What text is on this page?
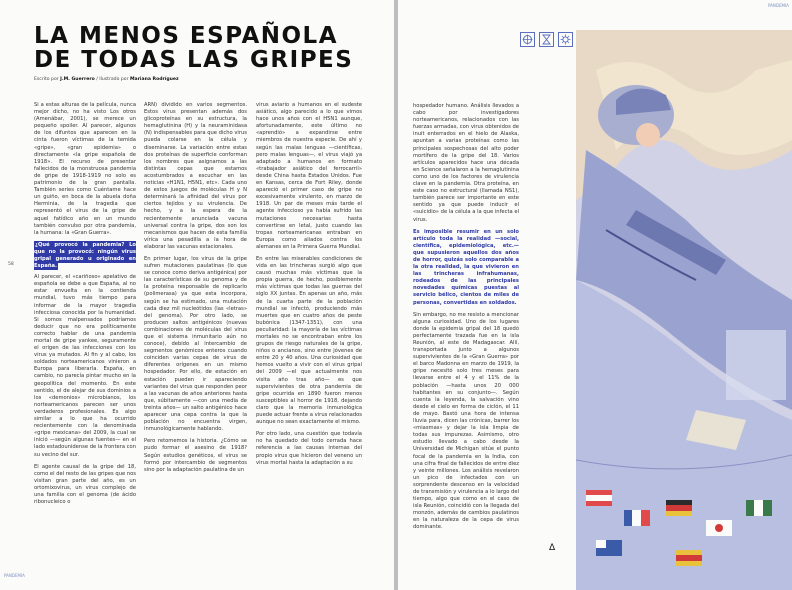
LA MENOS ESPAÑOLA DE TODAS LAS GRIPES
Escrito por J.M. Guerrero / Ilustrado por Mariana Rodríguez

Si a estas alturas de la película, nunca mejor dicho, no ha visto Los otros (Amenábar, 2001), se merece un pequeño spoiler. Al parecer, algunos de los difuntos que aparecen en la cinta fueron víctimas de la temida «gripe», «gran epidemia» o directamente «la gripe española de 1918». El recurso de presentar fallecidos de la monstruosa pandemia de gripe de 1918-1919 no solo es patrimonio de la gran pantalla. También series como Cuéntame hace un guiño, en boca de la abuela doña Herminia, de la tragedia que representó el virus de la gripe de aquel fatídico año en un mundo también convulso por otra pandemia, la humana: la «Gran Guerra».

¿Qué provocó la pandemia? Lo que no la provocó: ningún virus gripal generado u originado en España.

Al parecer, el «cariñoso» apelativo de española se debe a que España, al no estar envuelta en la contienda mundial, tuvo más tiempo para informar de la mayor tragedia infecciosa conocida por la humanidad. Si somos malpensados podríamos deducir que no era políticamente correcto hablar de una pandemia mortal de gripe yankee, seguramente el origen de las infecciones con los virus ya mutados. Al fin y al cabo, los soldados norteamericanos vinieron a Europa para liberarla. España, en cambio, no parecía pintar mucho en la geopolítica del momento. En este sentido, el de alejar de sus dominios a los «demonios» microbianos, los norteamericanos parecen ser unos verdaderos profesionales. Es algo similar a lo que ha ocurrido recientemente con la denominada «gripe mexicana» del 2009, la cual se inició —según algunas fuentes— en el lado estadounidense de la frontera con su vecino del sur.

El agente causal de la gripe del 18, como el del resto de las gripes que nos visitan gran parte del año, es un ortomixovirus, un virus complejo de una familia con el genoma (de ácido ribonucleico o

ARN) dividido en varios segmentos. Estos virus presentan además dos glicoproteínas en su estructura, la hemaglutinina (H) y la neuraminidasa (N) indispensables para que dicho virus pueda colarse en la célula y diseminarse. La variación entre estas dos proteínas de superficie conforman los nombres que asignamos a las distintas cepas que estamos acostumbrados a escuchar en las noticias «H1N1, H5N1, etc». Cada uno de estos juegos de moléculas H y N determinará la afinidad del virus por ciertos tejidos y su virulencia. De hecho, y a la espera de la recientemente anunciada vacuna universal contra la gripe, dos son los mecanismos que hacen de esta familia vírica una pesadilla a la hora de elaborar las vacunas estacionales.

En primer lugar, los virus de la gripe sufren mutaciones paulatinas (lo que se conoce como deriva antigénica) por las características de su genoma y de la proteína responsable de replicarlo (polimerasa) ya que esta incorpora, según se ha estimado, una mutación cada diez mil nucleótidos (las «letras» del genoma). Por otro lado, se producen saltos antigénicos (nuevas combinaciones de moléculas del virus que el sistema inmunitario aún no conoce), debido al intercambio de segmentos genómicos enteros cuando coinciden varias cepas de virus de diferentes orígenes en un mismo hospedador. Por ello, de estación en estación pueden ir apareciendo variantes del virus que responden peor a las vacunas de años anteriores hasta que, súbitamente —con una media de treinta años— un salto antigénico hace aparecer una cepa contra la que la población no encuentra virgen, inmunológicamente hablando.

Pero retomemos la historia. ¿Cómo se pudo formar el asesino de 1918? Según estudios genéticos, el virus se formó por intercambio de segmentos sino por la adaptación paulatina de un

virus aviario a humanos en el sudeste asiático, algo parecido a lo que vimos hace unos años con el H5N1 aunque, afortunadamente, este último no «aprendió» a expandirse entre miembros de nuestra especie. De ahí y según las malas lenguas —científicas, pero malas lenguas—, el virus viajó ya adaptado a humanos en formato «trabajador asiático del ferrocarril» desde China hasta Estados Unidos. Fue en Kansas, cerca de Fort Riley, donde apareció el primer caso de gripe no excesivamente virulento, en marzo de 1918. Un par de meses más tarde el agente infeccioso ya había sufrido las mutaciones necesarias hasta convertirse en letal, justo cuando las tropas norteamericanas entraban en Europa como aliados contra los alemanes en la Primera Guerra Mundial.

En entre las miserables condiciones de vida en las trincheras surgió algo que causó muchas más víctimas que la propia guerra, de hecho, posiblemente más víctimas que todas las guerras del siglo XX juntas. En apenas un año, más de la cuarta parte de la población mundial se infectó, produciendo más muertes que en cuatro años de peste bubónica (1347-1351), con una peculiaridad: la mayoría de las víctimas mortales no se encontraban entre los grupos de riesgo naturales de la gripe, niños o ancianos, sino entre jóvenes de entre 20 y 40 años. Una curiosidad que hemos vuelto a vivir con el virus gripal del 2009 —el que actualmente nos visita año tras año— es que supervivientes de otra pandemia de gripe ocurrida en 1890 fueron menos susceptibles al horror de 1918, dejando claro que la memoria inmunológica puede actuar frente a virus relacionados aunque no sean exactamente el mismo.

Por otro lado, una cuestión que todavía no ha quedado del todo cerrada hace referencia a las causas internas del propio virus que hicieron del veneno un virus mortal hasta la adaptación a su

58
PANDEMIA

hospedador humano. Análisis llevados a cabo por investigadores norteamericanos, relacionados con las fuerzas armadas, con virus obtenidos de inuit enterrados en el hielo de Alaska, apuntan a varias proteínas como las principales sospechosas del alto poder mortífero de la gripe del 18. Varios artículos aparecidos hace una década en Science señalaron a la hemaglutinina como uno de los factores de virulencia clave en la pandemia. Otra proteína, en este caso no estructural (llamada NS1), también parece ser importante en este sentido ya que puede inducir el «suicidio» de la célula a la que infecta el virus.

Es imposible resumir en un solo artículo toda la realidad —social, científica, epidemiológica, etc.— que supusieron aquellos dos años de horror, quizás solo comparable a la otra realidad, la que vivieron en las trincheras infrahumanas, rodeados de las principales novedades químicas puestas al servicio bélico, cientos de miles de personas, convertidas en soldados.

Sin embargo, no me resisto a mencionar alguna curiosidad. Uno de los lugares donde la epidemia gripal del 18 quedó perfectamente trazada fue en la isla Reunión, al este de Madagascar. Allí, transportada junto a algunos supervivientes de la «Gran Guerra» por el barco Madonna en marzo de 1919, la gripe necesitó solo tres meses para llevarse entre el 4 y el 11% de la población —hasta unos 20 000 habitantes en su conjunto—. Según cuenta la leyenda, la salvación vino desde el cielo en forma de ciclón, el 11 de mayo. Bastó una hora de intensa lluvia para, dicen las crónicas, barrer los «miasmas» y dejar la isla limpia de todas sus impurezas. Asimismo, otro estudio llevado a cabo desde la Universidad de Michigan sitúe el punto focal de la pandemia en la India, con una cifra final de fallecidos de entre diez y veinte millones. Los análisis revelaron un pico de infectados con un sorprendente descenso en la velocidad de transmisión y virulencia a lo largo del tiempo, algo que como en el caso de isla Reunión, coincidió con la llegada del monzón, además de cambios paulatinos en la naturaleza de la cepa de virus dominante.

PANDEMIA
Δ
